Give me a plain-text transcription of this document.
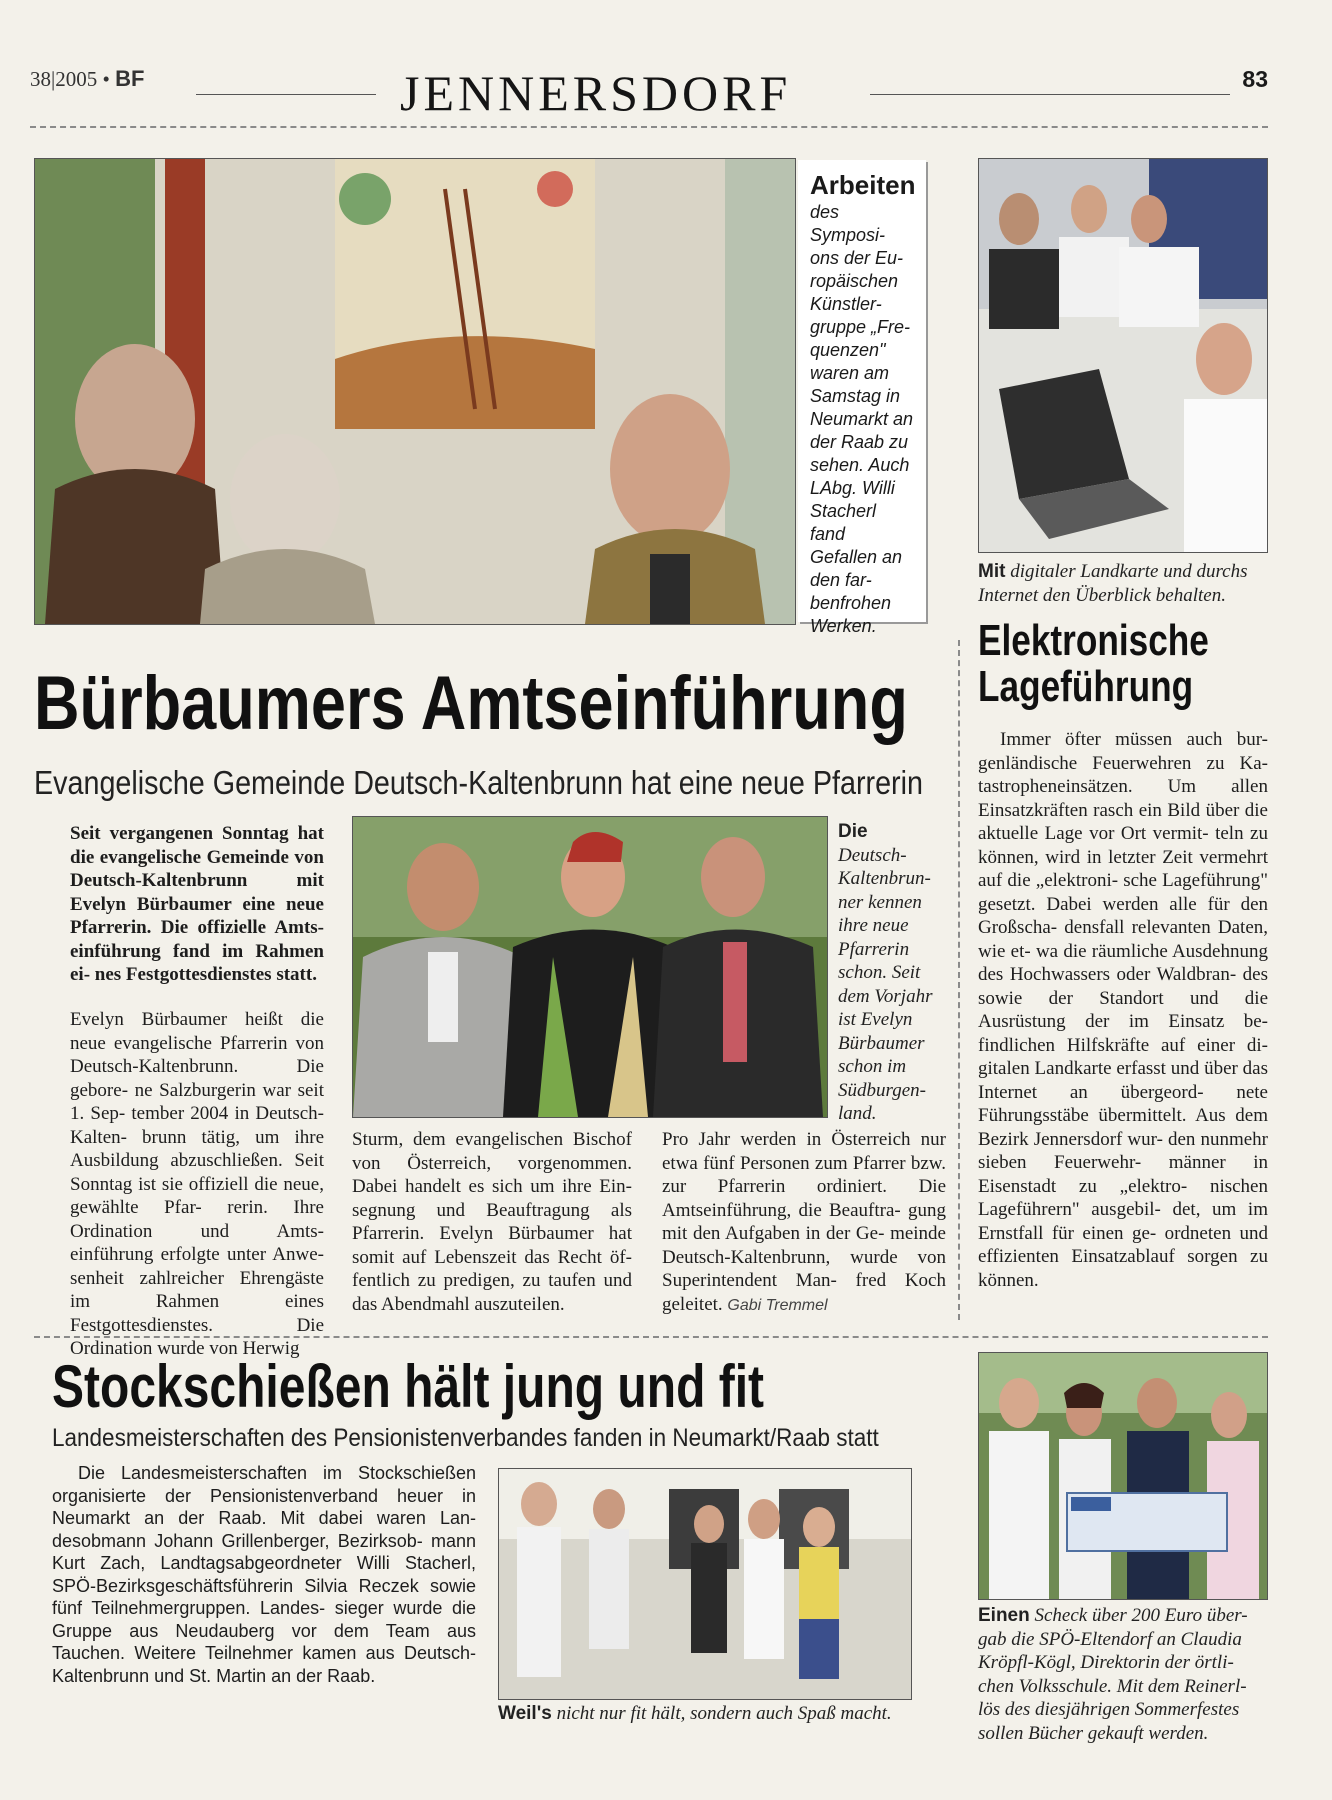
38|2005 • BF	JENNERSDORF	83
Arbeiten
des Symposi- ons der Eu- ropäischen Künstler- gruppe „Fre- quenzen" waren am Samstag in Neumarkt an der Raab zu sehen. Auch LAbg. Willi Stacherl fand Gefallen an den far- benfrohen Werken.
Mit digitaler Landkarte und durchs Internet den Überblick behalten.
Bürbaumers Amtseinführung
Evangelische Gemeinde Deutsch-Kaltenbrunn hat eine neue Pfarrerin
Seit vergangenen Sonntag hat die evangelische Gemeinde von Deutsch-Kaltenbrunn mit Evelyn Bürbaumer eine neue Pfarrerin. Die offizielle Amts- einführung fand im Rahmen ei- nes Festgottesdienstes statt.
Evelyn Bürbaumer heißt die neue evangelische Pfarrerin von Deutsch-Kaltenbrunn. Die gebore- ne Salzburgerin war seit 1. Sep- tember 2004 in Deutsch-Kalten- brunn tätig, um ihre Ausbildung abzuschließen. Seit Sonntag ist sie offiziell die neue, gewählte Pfar- rerin. Ihre Ordination und Amts- einführung erfolgte unter Anwe- senheit zahlreicher Ehrengäste im Rahmen eines Festgottesdienstes. Die Ordination wurde von Herwig
Die Deutsch- Kaltenbrun- ner kennen ihre neue Pfarrerin schon. Seit dem Vorjahr ist Evelyn Bürbaumer schon im Südburgen- land.
Sturm, dem evangelischen Bischof von Österreich, vorgenommen. Dabei handelt es sich um ihre Ein- segnung und Beauftragung als Pfarrerin. Evelyn Bürbaumer hat somit auf Lebenszeit das Recht öf- fentlich zu predigen, zu taufen und das Abendmahl auszuteilen.
Pro Jahr werden in Österreich nur etwa fünf Personen zum Pfarrer bzw. zur Pfarrerin ordiniert. Die Amtseinführung, die Beauftra- gung mit den Aufgaben in der Ge- meinde Deutsch-Kaltenbrunn, wurde von Superintendent Man- fred Koch geleitet. Gabi Tremmel
Elektronische
Lageführung

Immer öfter müssen auch bur- genländische Feuerwehren zu Ka- tastropheneinsätzen. Um allen Einsatzkräften rasch ein Bild über die aktuelle Lage vor Ort vermit- teln zu können, wird in letzter Zeit vermehrt auf die „elektroni- sche Lageführung" gesetzt. Dabei werden alle für den Großscha- densfall relevanten Daten, wie et- wa die räumliche Ausdehnung des Hochwassers oder Waldbran- des sowie der Standort und die Ausrüstung der im Einsatz be- findlichen Hilfskräfte auf einer di- gitalen Landkarte erfasst und über das Internet an übergeord- nete Führungsstäbe übermittelt. Aus dem Bezirk Jennersdorf wur- den nunmehr sieben Feuerwehr- männer in Eisenstadt zu „elektro- nischen Lageführern" ausgebil- det, um im Ernstfall für einen ge- ordneten und effizienten Einsatzablauf sorgen zu können.

Stockschießen hält jung und fit
Landesmeisterschaften des Pensionistenverbandes fanden in Neumarkt/Raab statt

Die Landesmeisterschaften im Stockschießen organisierte der Pensionistenverband heuer in Neumarkt an der Raab. Mit dabei waren Lan- desobmann Johann Grillenberger, Bezirksob- mann Kurt Zach, Landtagsabgeordneter Willi Stacherl, SPÖ-Bezirksgeschäftsführerin Silvia Reczek sowie fünf Teilnehmergruppen. Landes- sieger wurde die Gruppe aus Neudauberg vor dem Team aus Tauchen. Weitere Teilnehmer kamen aus Deutsch-Kaltenbrunn und St. Martin an der Raab.

Weil's nicht nur fit hält, sondern auch Spaß macht.
Einen Scheck über 200 Euro über- gab die SPÖ-Eltendorf an Claudia Kröpfl-Kögl, Direktorin der örtli- chen Volksschule. Mit dem Reinerl- lös des diesjährigen Sommerfestes sollen Bücher gekauft werden.
